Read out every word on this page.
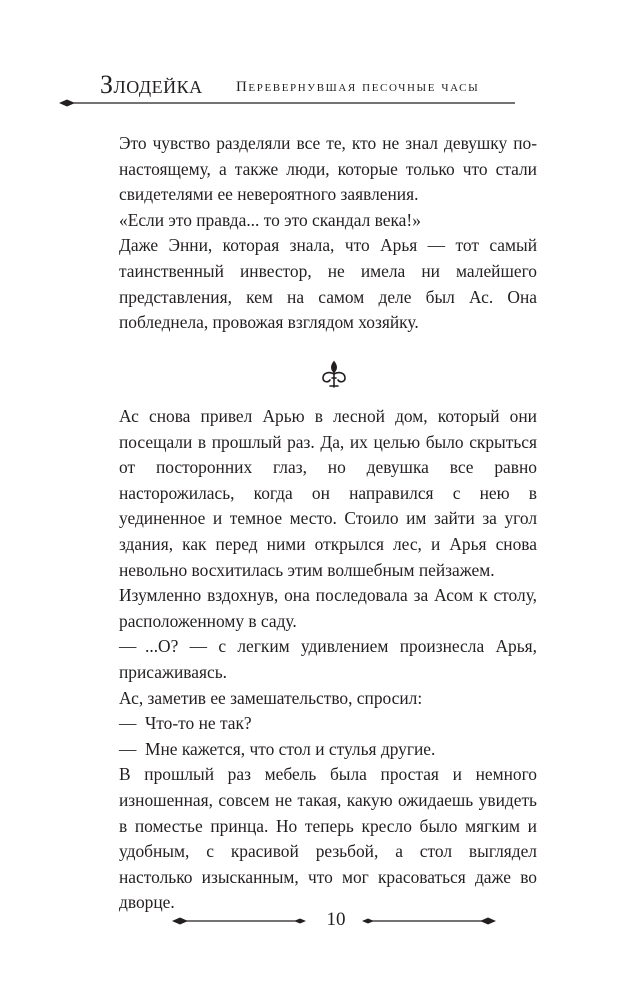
Злодейка Перевернувшая песочные часы

Это чувство разделяли все те, кто не знал девушку по-настоящему, а также люди, которые только что стали свидетелями ее невероятного заявления.

«Если это правда... то это скандал века!»

Даже Энни, которая знала, что Арья — тот самый таинственный инвестор, не имела ни малейшего представления, кем на самом деле был Ас. Она побледнела, провожая взглядом хозяйку.

Ас снова привел Арью в лесной дом, который они посещали в прошлый раз. Да, их целью было скрыться от посторонних глаз, но девушка все равно насторожилась, когда он направился с нею в уединенное и темное место. Стоило им зайти за угол здания, как перед ними открылся лес, и Арья снова невольно восхитилась этим волшебным пейзажем.

Изумленно вздохнув, она последовала за Асом к столу, расположенному в саду.

— ...О? — с легким удивлением произнесла Арья, присаживаясь.

Ас, заметив ее замешательство, спросил:

— Что-то не так?

— Мне кажется, что стол и стулья другие.

В прошлый раз мебель была простая и немного изношенная, совсем не такая, какую ожидаешь увидеть в поместье принца. Но теперь кресло было мягким и удобным, с красивой резьбой, а стол выглядел настолько изысканным, что мог красоваться даже во дворце.

10
